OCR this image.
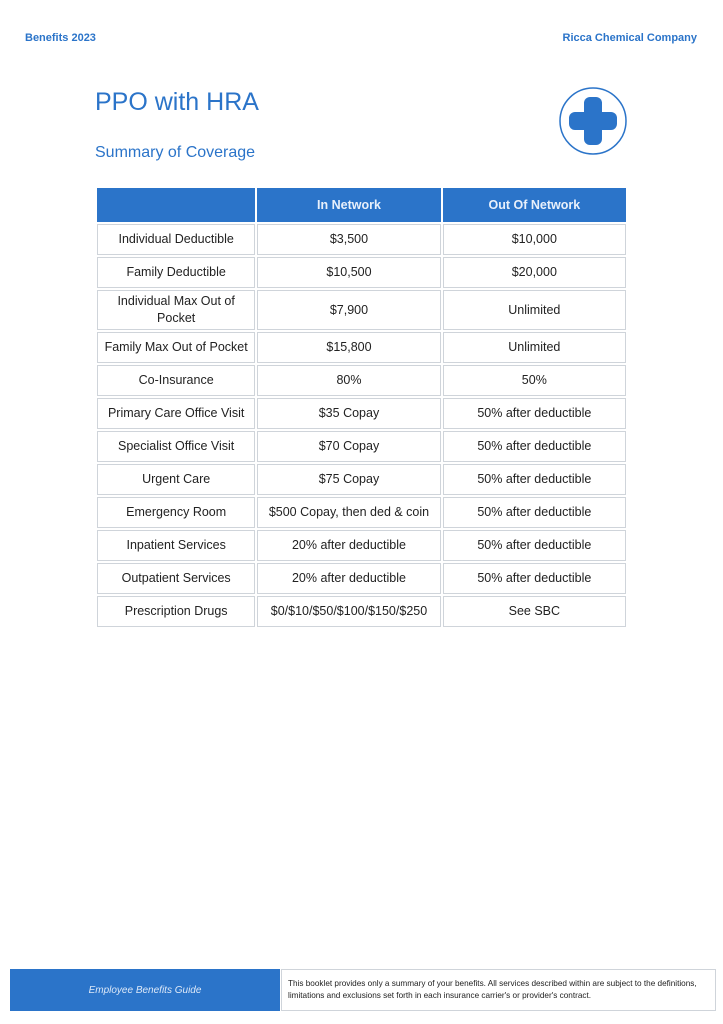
Benefits 2023	Ricca Chemical Company
PPO with HRA
Summary of Coverage
	In Network	Out Of Network
Individual Deductible	$3,500	$10,000
Family Deductible	$10,500	$20,000
Individual Max Out of Pocket	$7,900	Unlimited
Family Max Out of Pocket	$15,800	Unlimited
Co-Insurance	80%	50%
Primary Care Office Visit	$35 Copay	50% after deductible
Specialist Office Visit	$70 Copay	50% after deductible
Urgent Care	$75 Copay	50% after deductible
Emergency Room	$500 Copay, then ded & coin	50% after deductible
Inpatient Services	20% after deductible	50% after deductible
Outpatient Services	20% after deductible	50% after deductible
Prescription Drugs	$0/$10/$50/$100/$150/$250	See SBC
Employee Benefits Guide
This booklet provides only a summary of your benefits. All services described within are subject to the definitions, limitations and exclusions set forth in each insurance carrier's or provider's contract.
